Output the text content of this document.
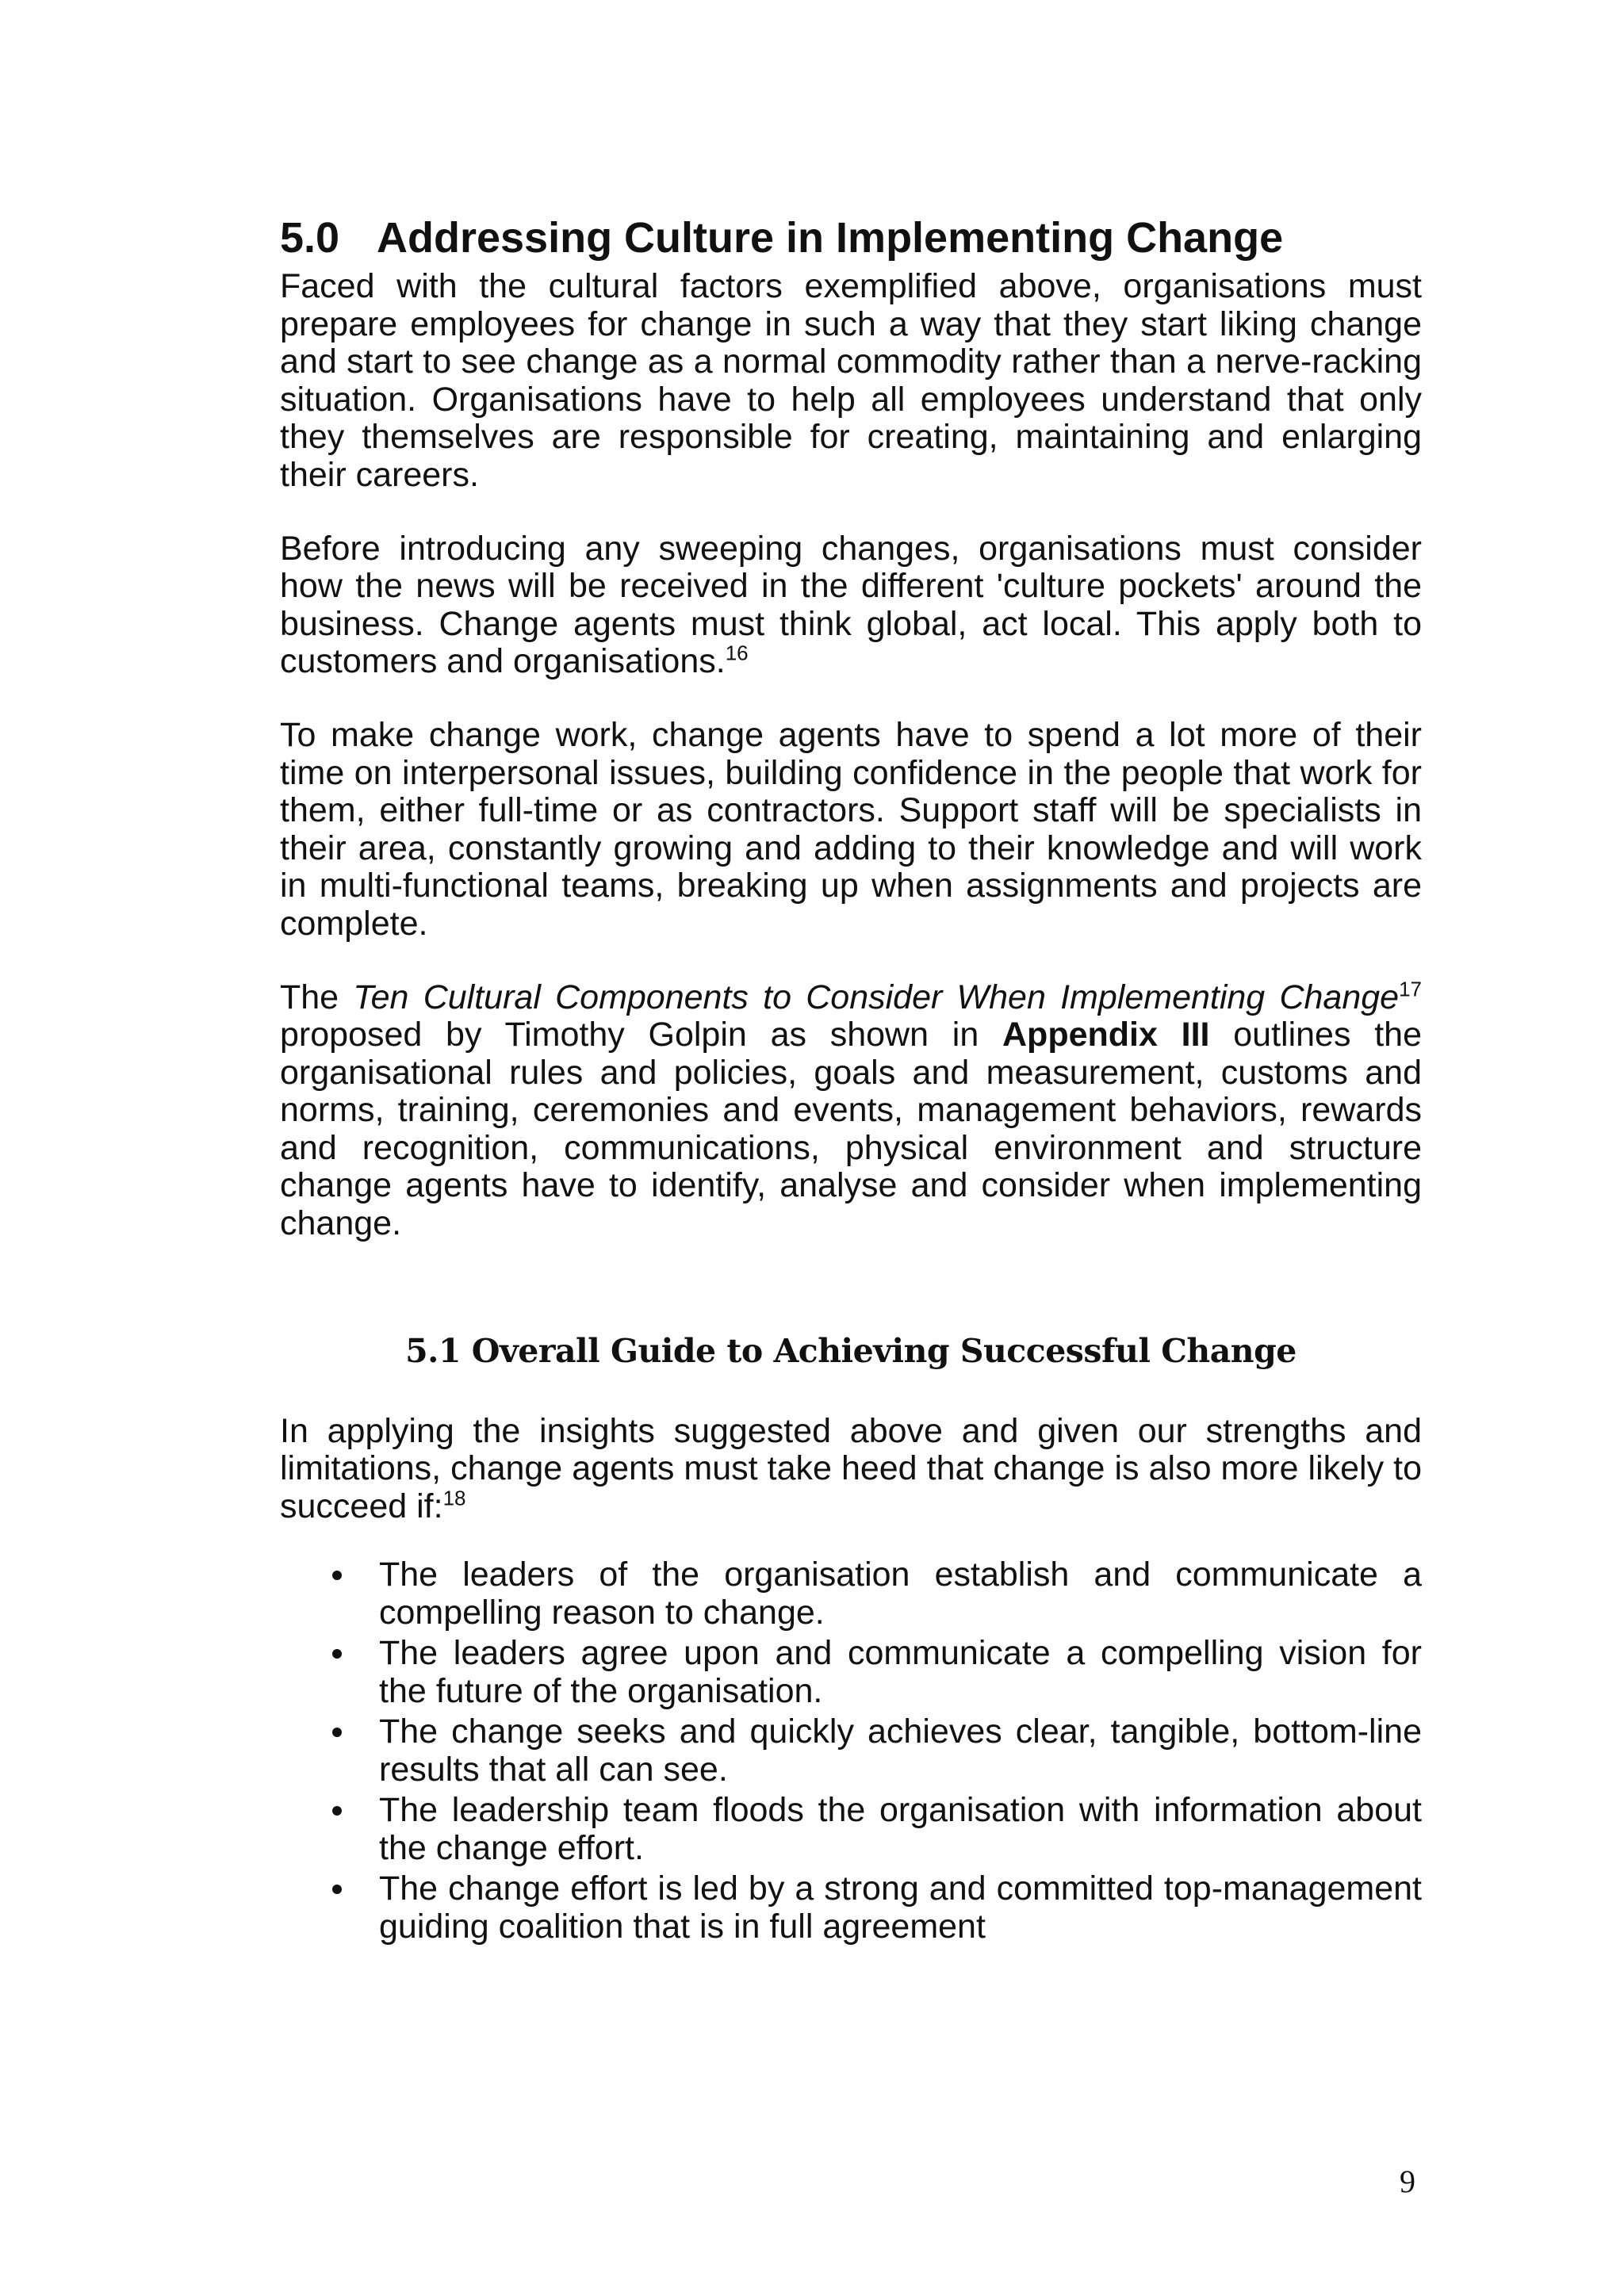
5.0 Addressing Culture in Implementing Change

Faced with the cultural factors exemplified above, organisations must prepare employees for change in such a way that they start liking change and start to see change as a normal commodity rather than a nerve-racking situation. Organisations have to help all employees understand that only they themselves are responsible for creating, maintaining and enlarging their careers.

Before introducing any sweeping changes, organisations must consider how the news will be received in the different 'culture pockets' around the business. Change agents must think global, act local. This apply both to customers and organisations.$^{16}$

To make change work, change agents have to spend a lot more of their time on interpersonal issues, building confidence in the people that work for them, either full-time or as contractors. Support staff will be specialists in their area, constantly growing and adding to their knowledge and will work in multi-functional teams, breaking up when assignments and projects are complete.

The Ten Cultural Components to Consider When Implementing Change$^{17}$ proposed by Timothy Golpin as shown in Appendix III outlines the organisational rules and policies, goals and measurement, customs and norms, training, ceremonies and events, management behaviors, rewards and recognition, communications, physical environment and structure change agents have to identify, analyse and consider when implementing change.

5.1 Overall Guide to Achieving Successful Change

In applying the insights suggested above and given our strengths and limitations, change agents must take heed that change is also more likely to succeed if:$^{18}$

The leaders of the organisation establish and communicate a compelling reason to change.
The leaders agree upon and communicate a compelling vision for the future of the organisation.
The change seeks and quickly achieves clear, tangible, bottom-line results that all can see.
The leadership team floods the organisation with information about the change effort.
The change effort is led by a strong and committed top-management guiding coalition that is in full agreement
9
